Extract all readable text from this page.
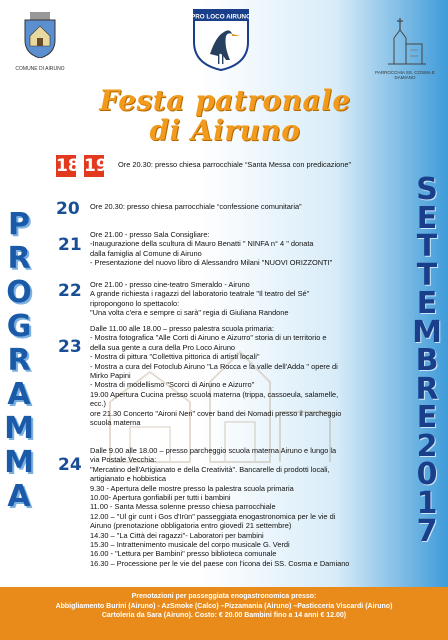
COMUNE DI AIRUNO
PRO LOCO AIRUNO
PARROCCHIA SS. COSMA E DAMIANO
Festa patronale
di Airuno
P
R
O
G
R
A
M
M
A
S
E
T
T
E
M
B
R
E
2
0
1
7
18 19 Ore 20.30: presso chiesa parrocchiale “Santa Messa con predicazione”
20 Ore 20.30: presso chiesa parrocchiale “confessione comunitaria”
21
Ore 21.00 - presso Sala Consigliare:
-Inaugurazione della scultura di Mauro Benatti " NINFA n° 4 " donata
dalla famiglia al Comune di Airuno
- Presentazione del nuovo libro di Alessandro Milani "NUOVI ORIZZONTI"
22 Ore 21.00 - presso cine-teatro Smeraldo - Airuno
A grande richiesta i ragazzi del laboratorio teatrale "Il teatro del Sé"
ripropongono lo spettacolo:
"Una volta c'era e sempre ci sarà" regia di Giuliana Randone
23
Dalle 11.00 alle 18.00 – presso palestra scuola primaria:
- Mostra fotografica "Alle Corti di Airuno e Aizurro" storia di un territorio e
della sua gente a cura della Pro Loco Airuno
- Mostra di pittura "Collettiva pittorica di artisti locali"
- Mostra a cura del Fotoclub Airuno "La Rocca e la valle dell'Adda " opere di
Mirko Papini
- Mostra di modellismo "Scorci di Airuno e Aizurro"
19.00 Apertura Cucina presso scuola materna (trippa, cassoeula, salamelle,
ecc.)
ore 21.30 Concerto "Aironi Neri" cover band dei Nomadi presso il parcheggio
scuola materna
24
Dalle 9.00 alle 18.00 – presso parcheggio scuola materna Airuno e lungo la
via Postale Vecchia:
"Mercatino dell'Artigianato e della Creatività". Bancarelle di prodotti locali,
artigianato e hobbistica
9.30 - Apertura delle mostre presso la palestra scuola primaria
10.00- Apertura gonfiabili per tutti i bambini
11.00 - Santa Messa solenne presso chiesa parrocchiale
12.00 – "Ul gir cunt i Gos d'Irün" passeggiata enogastronomica per le vie di
Airuno (prenotazione obbligatoria entro giovedì 21 settembre)
14.30 – "La Città dei ragazzi"- Laboratori per bambini
15.30 – Intrattenimento musicale del corpo musicale G. Verdi
16.00 - "Lettura per Bambini" presso biblioteca comunale
16.30 – Processione per le vie del paese con l'icona dei SS. Cosma e Damiano
Prenotazioni per passeggiata enogastronomica presso:
Abbigliamento Burini (Airuno) - AzSmoke (Calco) –Pizzamania (Airuno) –Pasticceria Viscardi (Airuno)
Cartoleria da Sara (Airuno). Costo: € 20.00 Bambini fino a 14 anni € 12.00)
